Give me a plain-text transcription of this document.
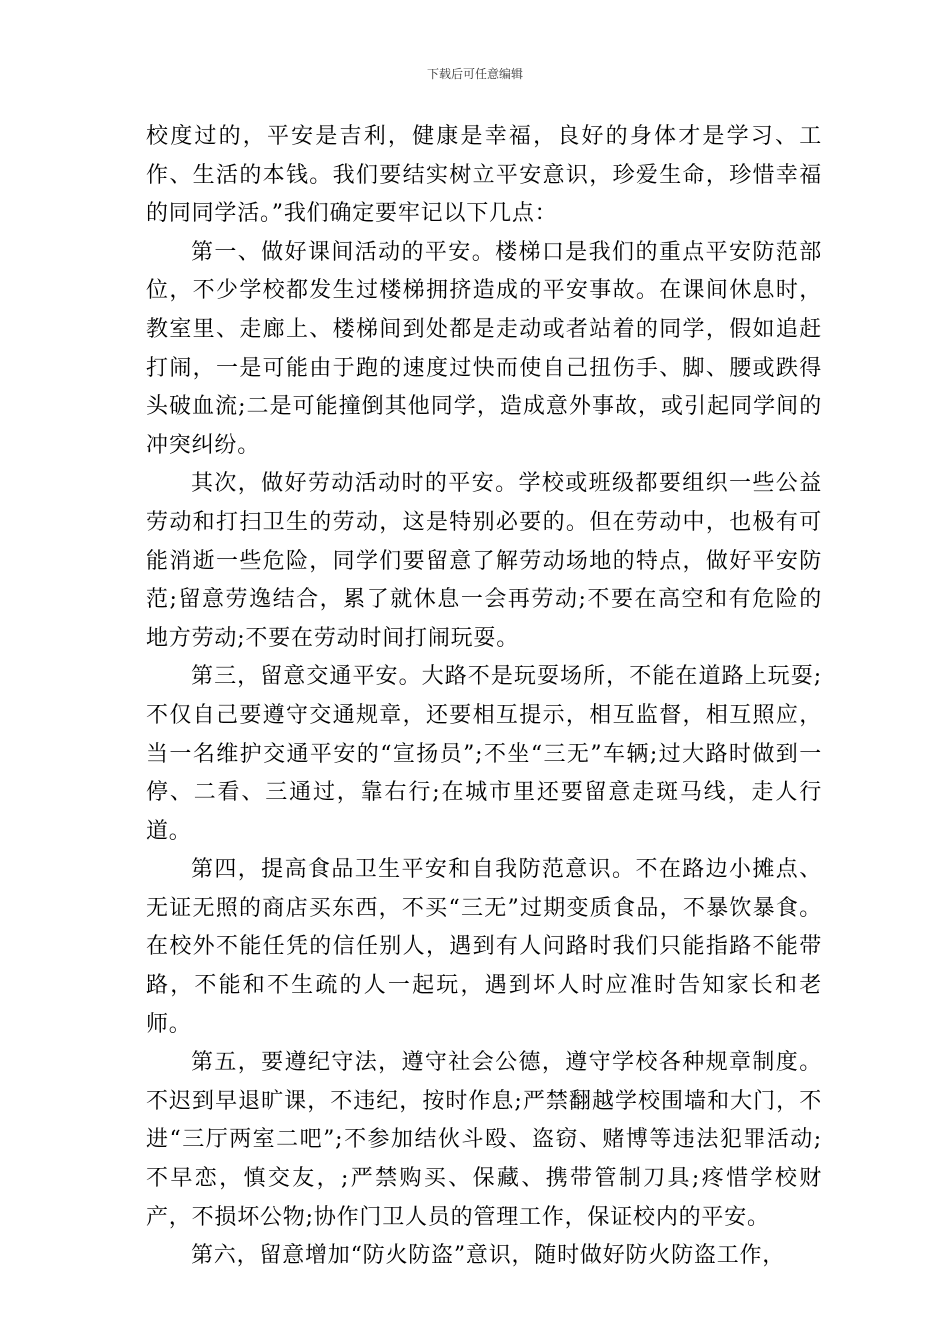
下载后可任意编辑

校度过的，平安是吉利，健康是幸福，良好的身体才是学习、工作、生活的本钱。我们要结实树立平安意识，珍爱生命，珍惜幸福的同同学活。”我们确定要牢记以下几点：

第一、做好课间活动的平安。楼梯口是我们的重点平安防范部位，不少学校都发生过楼梯拥挤造成的平安事故。在课间休息时，教室里、走廊上、楼梯间到处都是走动或者站着的同学，假如追赶打闹，一是可能由于跑的速度过快而使自己扭伤手、脚、腰或跌得头破血流;二是可能撞倒其他同学，造成意外事故，或引起同学间的冲突纠纷。

其次，做好劳动活动时的平安。学校或班级都要组织一些公益劳动和打扫卫生的劳动，这是特别必要的。但在劳动中，也极有可能消逝一些危险，同学们要留意了解劳动场地的特点，做好平安防范;留意劳逸结合，累了就休息一会再劳动;不要在高空和有危险的地方劳动;不要在劳动时间打闹玩耍。

第三，留意交通平安。大路不是玩耍场所，不能在道路上玩耍;不仅自己要遵守交通规章，还要相互提示，相互监督，相互照应，当一名维护交通平安的“宣扬员”;不坐“三无”车辆;过大路时做到一停、二看、三通过，靠右行;在城市里还要留意走斑马线，走人行道。

第四，提高食品卫生平安和自我防范意识。不在路边小摊点、无证无照的商店买东西，不买“三无”过期变质食品，不暴饮暴食。在校外不能任凭的信任别人，遇到有人问路时我们只能指路不能带路，不能和不生疏的人一起玩，遇到坏人时应准时告知家长和老师。

第五，要遵纪守法，遵守社会公德，遵守学校各种规章制度。不迟到早退旷课，不违纪，按时作息;严禁翻越学校围墙和大门，不进“三厅两室二吧”;不参加结伙斗殴、盗窃、赌博等违法犯罪活动;不早恋，慎交友，;严禁购买、保藏、携带管制刀具;疼惜学校财产，不损坏公物;协作门卫人员的管理工作，保证校内的平安。

第六，留意增加“防火防盗”意识，随时做好防火防盗工作，
